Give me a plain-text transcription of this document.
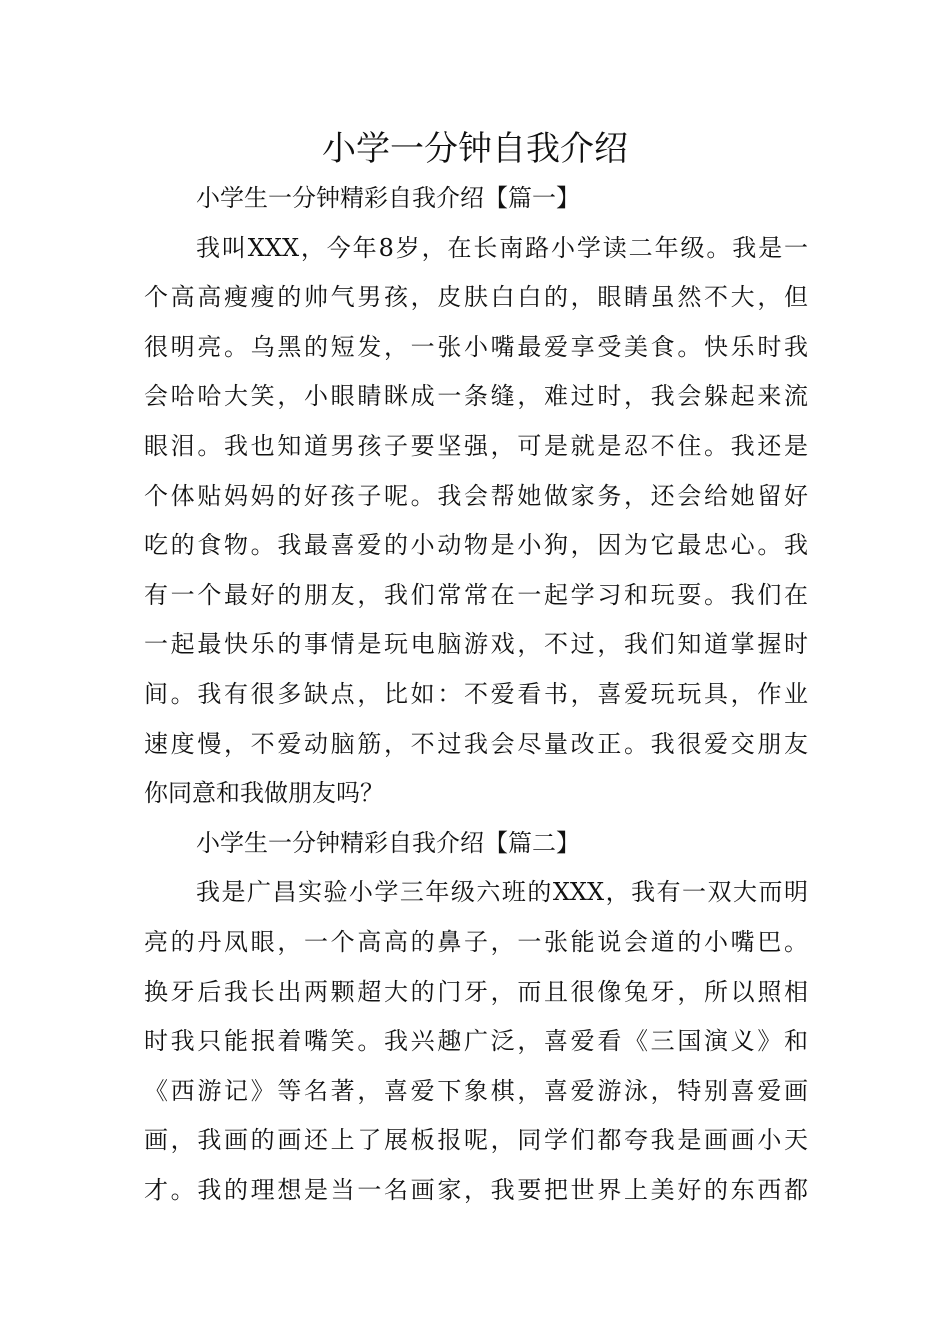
小学一分钟自我介绍
小学生一分钟精彩自我介绍【篇一】
我叫XXX，今年8岁，在长南路小学读二年级。我是一
个高高瘦瘦的帅气男孩，皮肤白白的，眼睛虽然不大，但
很明亮。乌黑的短发，一张小嘴最爱享受美食。快乐时我
会哈哈大笑，小眼睛眯成一条缝，难过时，我会躲起来流
眼泪。我也知道男孩子要坚强，可是就是忍不住。我还是
个体贴妈妈的好孩子呢。我会帮她做家务，还会给她留好
吃的食物。我最喜爱的小动物是小狗，因为它最忠心。我
有一个最好的朋友，我们常常在一起学习和玩耍。我们在
一起最快乐的事情是玩电脑游戏，不过，我们知道掌握时
间。我有很多缺点，比如：不爱看书，喜爱玩玩具，作业
速度慢，不爱动脑筋，不过我会尽量改正。我很爱交朋友
你同意和我做朋友吗？
小学生一分钟精彩自我介绍【篇二】
我是广昌实验小学三年级六班的XXX，我有一双大而明
亮的丹凤眼，一个高高的鼻子，一张能说会道的小嘴巴。
换牙后我长出两颗超大的门牙，而且很像兔牙，所以照相
时我只能抿着嘴笑。我兴趣广泛，喜爱看《三国演义》和
《西游记》等名著，喜爱下象棋，喜爱游泳，特别喜爱画
画，我画的画还上了展板报呢，同学们都夸我是画画小天
才。我的理想是当一名画家，我要把世界上美好的东西都
